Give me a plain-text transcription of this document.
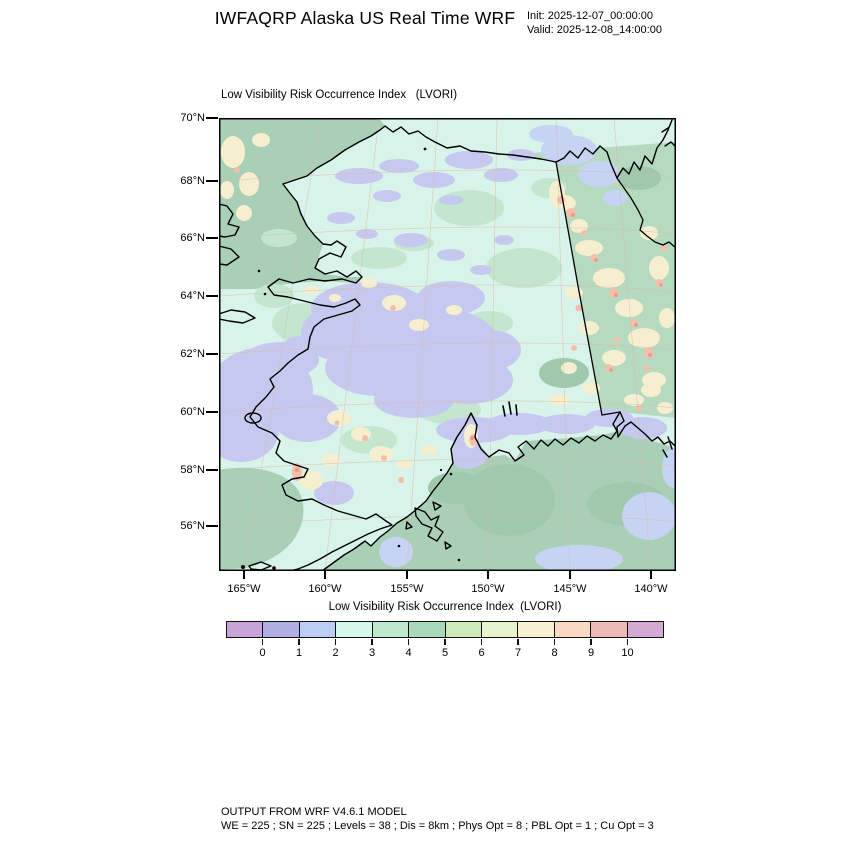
IWFAQRP Alaska US Real Time WRF	Init: 2025-12-07_00:00:00
Valid: 2025-12-08_14:00:00
Low Visibility Risk Occurrence Index   (LVORI)
70°N
68°N
66°N
64°N
62°N
60°N
58°N
56°N
165°W	160°W	155°W	150°W	145°W	140°W
Low Visibility Risk Occurrence Index  (LVORI)
0	1	2	3	4	5	6	7	8	9	10
OUTPUT FROM WRF V4.6.1 MODEL
WE = 225 ; SN = 225 ; Levels = 38 ; Dis = 8km ; Phys Opt = 8 ; PBL Opt = 1 ; Cu Opt = 3
